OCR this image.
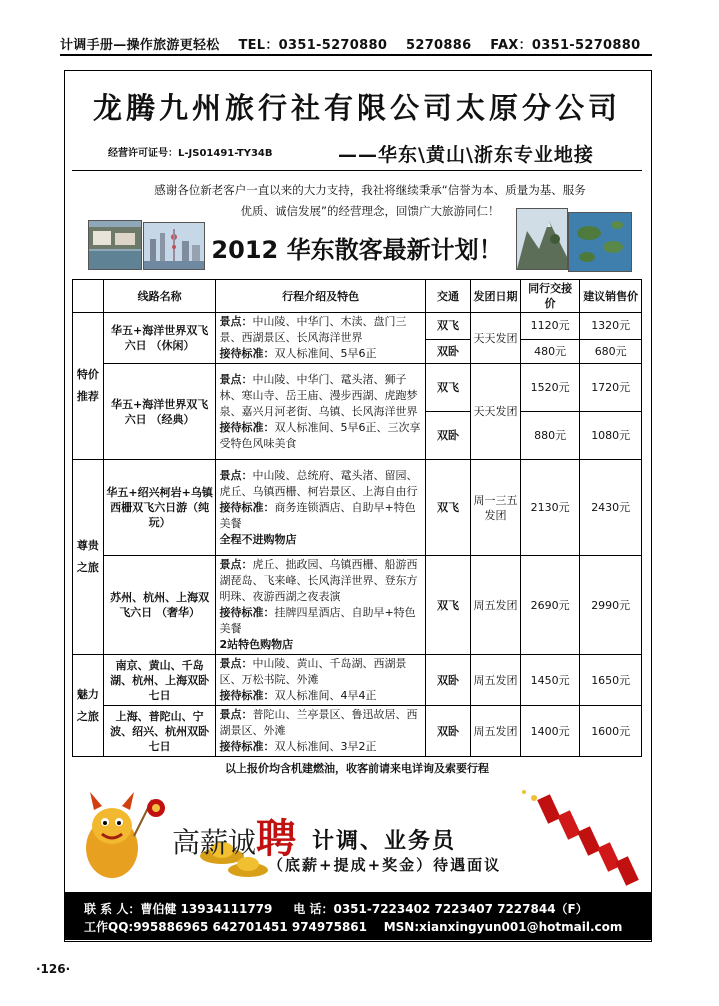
计调手册—操作旅游更轻松 TEL：0351-5270880 5270886 FAX：0351-5270880
龙腾九州旅行社有限公司太原分公司
经营许可证号：L-JS01491-TY34B	——华东\黄山\浙东专业地接
感谢各位新老客户一直以来的大力支持，我社将继续秉承“信誉为本、质量为基、服务
优质、诚信发展”的经营理念，回馈广大旅游同仁！
2012 华东散客最新计划！
	线路名称	行程介绍及特色	交通	发团日期	同行交接价	建议销售价
特价推荐	华五+海洋世界双飞六日 （休闲）	景点：中山陵、中华门、木渎、盘门三景、西湖景区、长风海洋世界
接待标准：双人标准间、5早6正	双飞	天天发团	1120元	1320元
			双卧		480元	680元
	华五+海洋世界双飞六日 （经典）	景点：中山陵、中华门、鼋头渚、狮子林、寒山寺、岳王庙、漫步西湖、虎跑梦泉、嘉兴月河老街、乌镇、长风海洋世界
接待标准：双人标准间、5早6正、三次享受特色风味美食	双飞	天天发团	1520元	1720元
			双卧		880元	1080元
尊贵之旅	华五+绍兴柯岩+乌镇西栅双飞六日游（纯玩）	景点：中山陵、总统府、鼋头渚、留园、虎丘、乌镇西栅、柯岩景区、上海自由行
接待标准：商务连锁酒店、自助早+特色美餐
全程不进购物店	双飞	周一三五发团	2130元	2430元
	苏州、杭州、上海双飞六日 （奢华）	景点：虎丘、拙政园、乌镇西栅、船游西湖琵岛、飞来峰、长风海洋世界、登东方明珠、夜游西湖之夜表演
接待标准：挂牌四星酒店、自助早+特色美餐
2站特色购物店	双飞	周五发团	2690元	2990元
魅力之旅	南京、黄山、千岛湖、杭州、上海双卧七日	景点：中山陵、黄山、千岛湖、西湖景区、万松书院、外滩
接待标准：双人标准间、4早4正	双卧	周五发团	1450元	1650元
	上海、普陀山、宁波、绍兴、杭州双卧七日	景点：普陀山、兰亭景区、鲁迅故居、西湖景区、外滩
接待标准：双人标准间、3早2正	双卧	周五发团	1400元	1600元
以上报价均含机建燃油，收客前请来电详询及索要行程
高薪诚聘 计调、业务员
（底薪+提成+奖金）待遇面议
联 系 人：曹伯健 13934111779 电 话：0351-7223402 7223407 7227844（F）
工作QQ:995886965 642701451 974975861 MSN:xianxingyun001@hotmail.com
·126·
